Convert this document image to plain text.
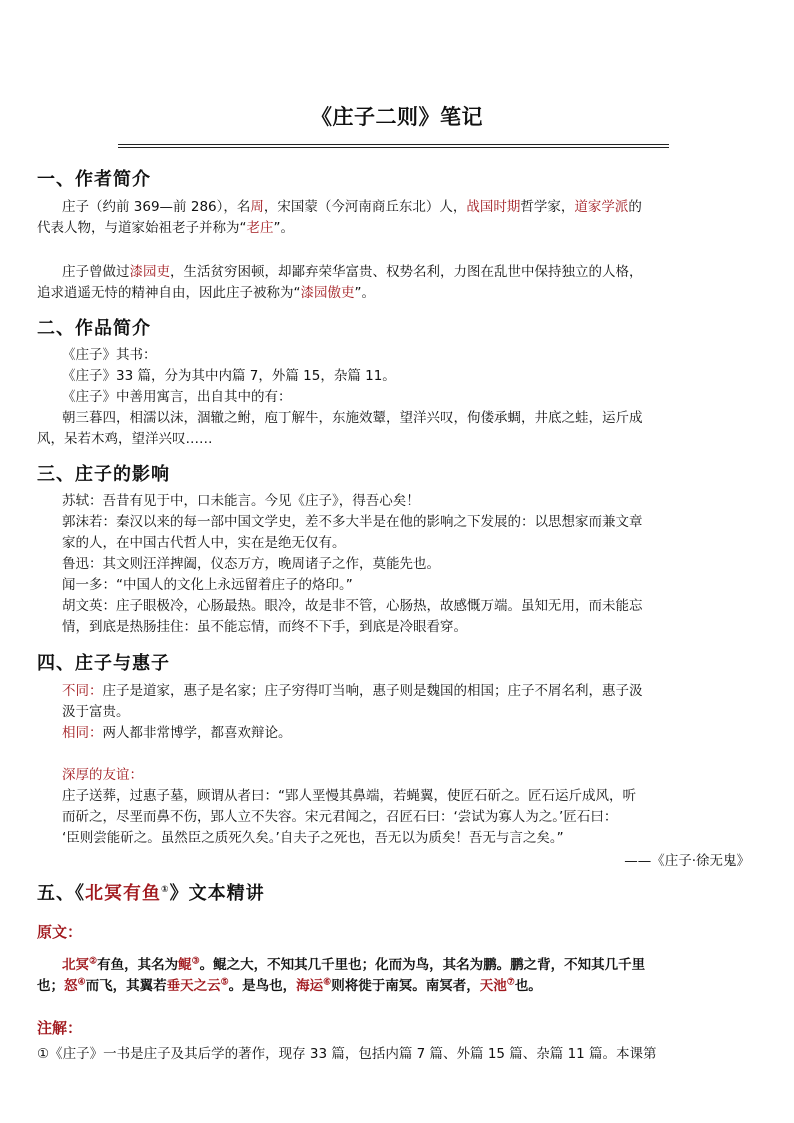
《庄子二则》笔记
一、作者简介
庄子（约前 369—前 286），名周，宋国蒙（今河南商丘东北）人，战国时期哲学家，道家学派的
代表人物，与道家始祖老子并称为“老庄”。
庄子曾做过漆园吏，生活贫穷困顿，却鄙弃荣华富贵、权势名利，力图在乱世中保持独立的人格，
追求逍遥无恃的精神自由，因此庄子被称为“漆园傲吏”。
二、作品简介
《庄子》其书：
《庄子》33 篇，分为其中内篇 7，外篇 15，杂篇 11。
《庄子》中善用寓言，出自其中的有：
朝三暮四，相濡以沫，涸辙之鲋，庖丁解牛，东施效颦，望洋兴叹，佝偻承蜩，井底之蛙，运斤成
风，呆若木鸡，望洋兴叹……
三、庄子的影响
苏轼：吾昔有见于中，口未能言。今见《庄子》，得吾心矣！
郭沫若：秦汉以来的每一部中国文学史，差不多大半是在他的影响之下发展的：以思想家而兼文章
家的人，在中国古代哲人中，实在是绝无仅有。
鲁迅：其文则汪洋捭阖，仪态万方，晚周诸子之作，莫能先也。
闻一多：“中国人的文化上永远留着庄子的烙印。”
胡文英：庄子眼极冷，心肠最热。眼冷，故是非不管，心肠热，故感慨万端。虽知无用，而未能忘
情，到底是热肠挂住：虽不能忘情，而终不下手，到底是冷眼看穿。
四、庄子与惠子
不同：庄子是道家，惠子是名家；庄子穷得叮当响，惠子则是魏国的相国；庄子不屑名利，惠子汲
汲于富贵。
相同：两人都非常博学，都喜欢辩论。
深厚的友谊：
庄子送葬，过惠子墓，顾谓从者曰：“郢人垩慢其鼻端，若蝇翼，使匠石斫之。匠石运斤成风，听
而斫之，尽垩而鼻不伤，郢人立不失容。宋元君闻之，召匠石曰：‘尝试为寡人为之。’匠石曰：
‘臣则尝能斫之。虽然臣之质死久矣。’自夫子之死也，吾无以为质矣！吾无与言之矣。”
——《庄子·徐无鬼》
五、《北冥有鱼①》文本精讲
原文：
北冥②有鱼，其名为鲲③。鲲之大，不知其几千里也；化而为鸟，其名为鹏。鹏之背，不知其几千里
也；怒④而飞，其翼若垂天之云⑤。是鸟也，海运⑥则将徙于南冥。南冥者，天池⑦也。
注解：
①《庄子》一书是庄子及其后学的著作，现存 33 篇，包括内篇 7 篇、外篇 15 篇、杂篇 11 篇。本课第
